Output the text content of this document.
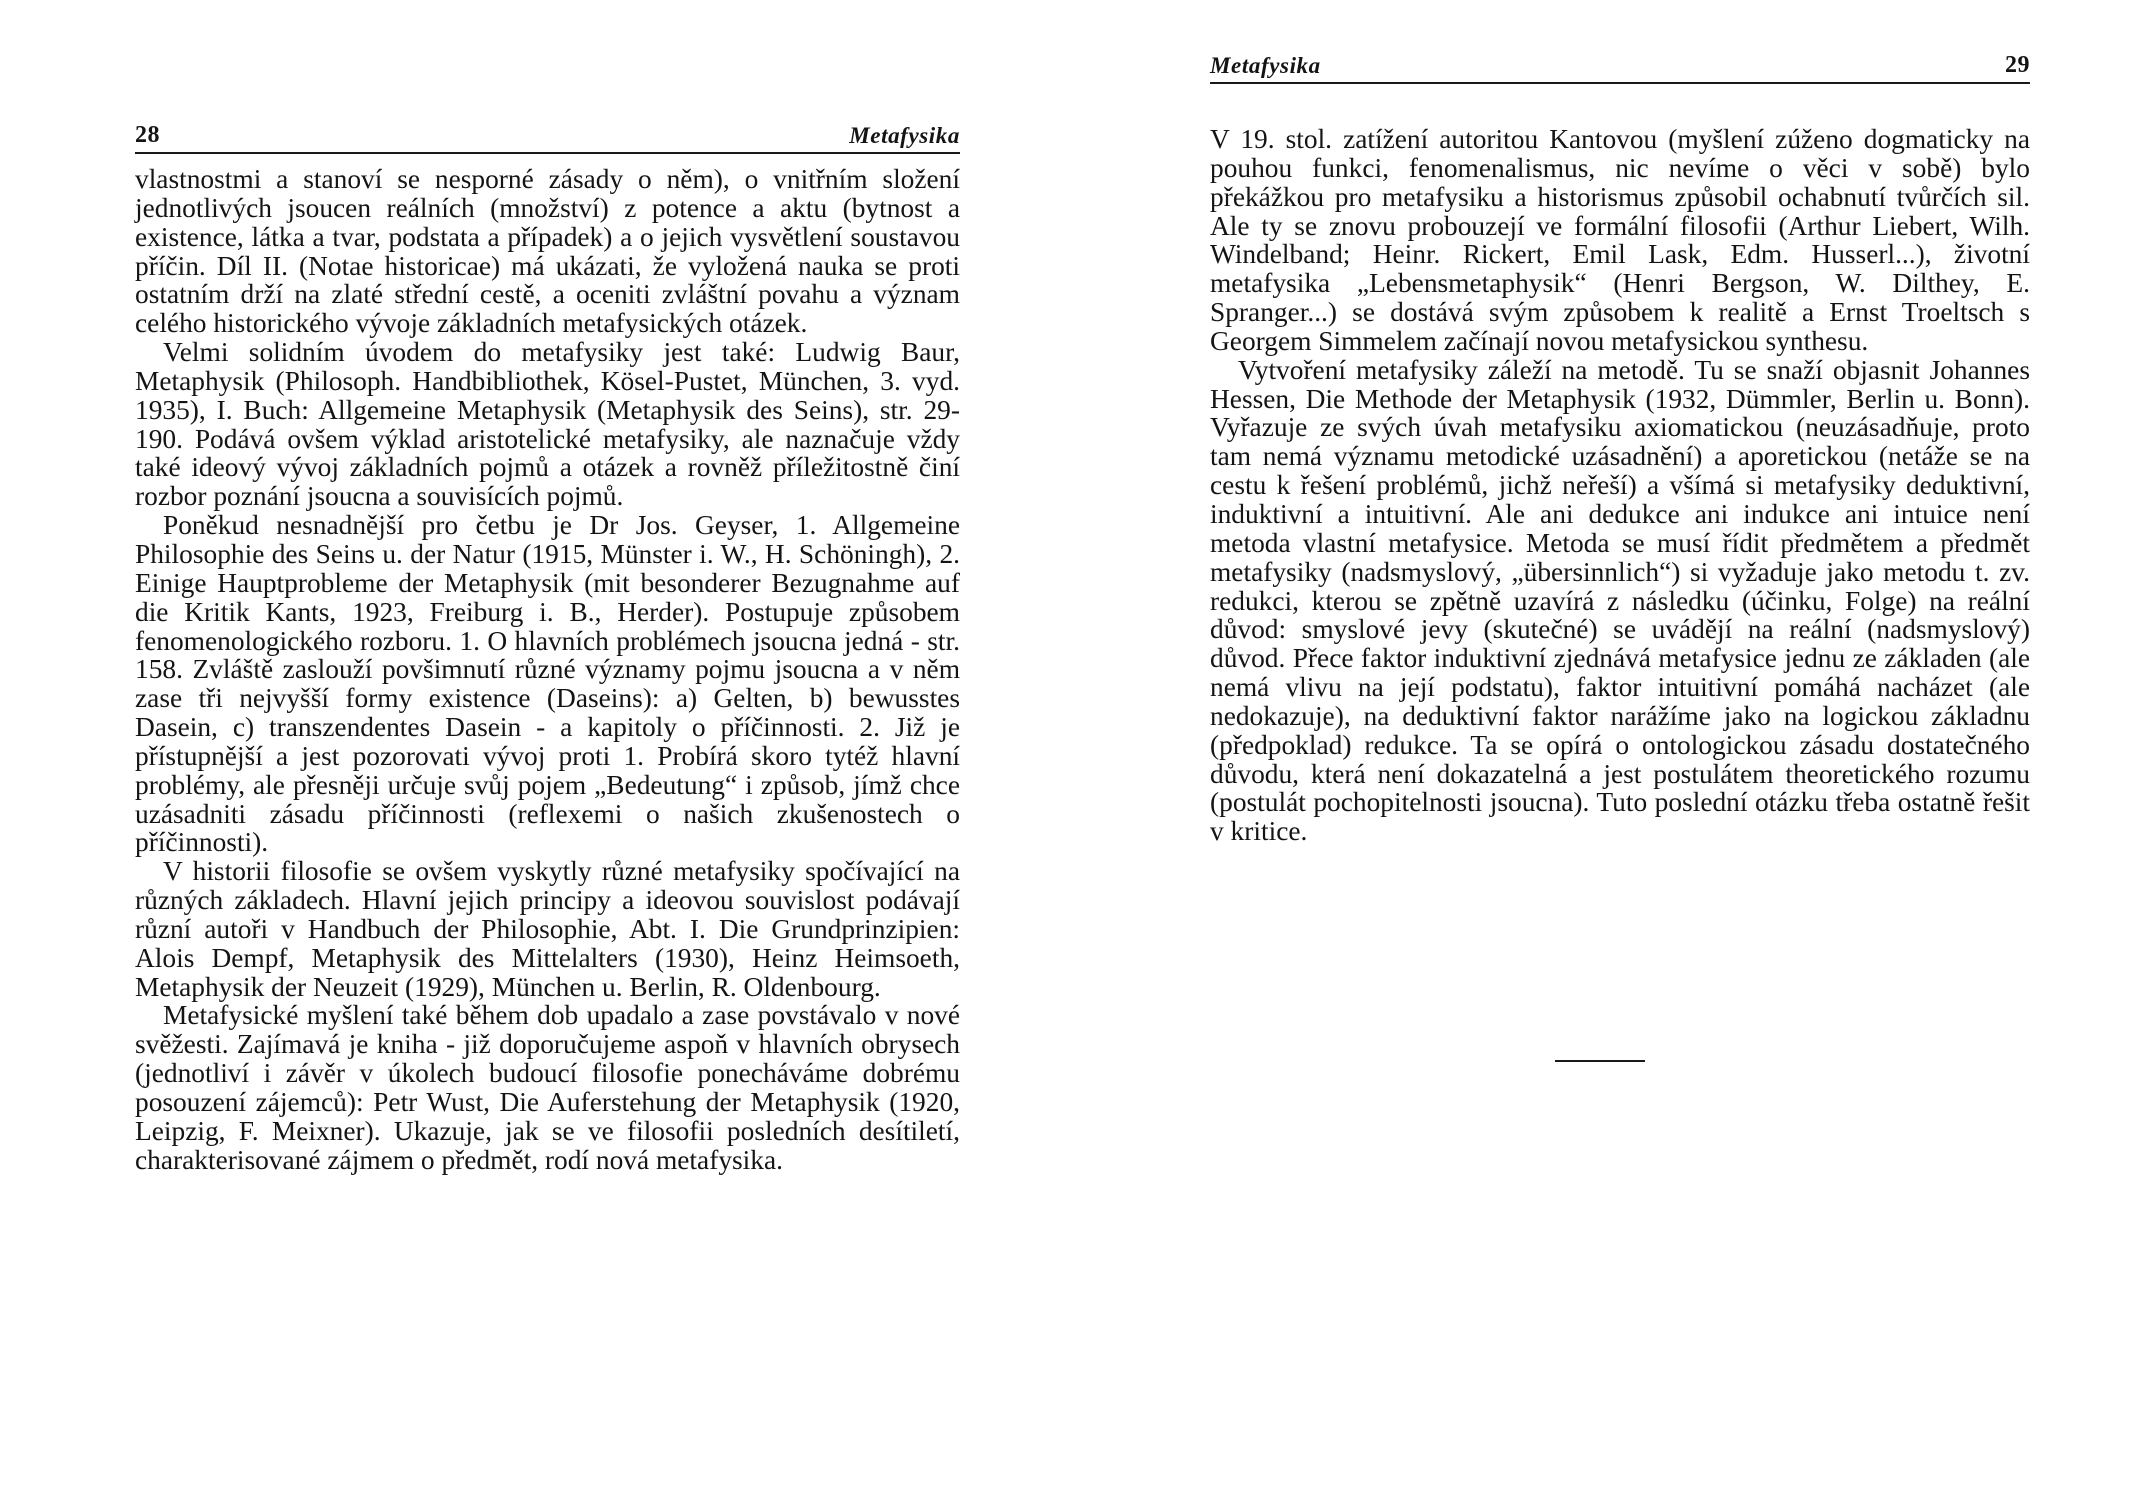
28	Metafysika

vlastnostmi a stanoví se nesporné zásady o něm), o vnitřním složení jednotlivých jsoucen reálních (množství) z potence a aktu (bytnost a existence, látka a tvar, podstata a případek) a o jejich vysvětlení soustavou příčin. Díl II. (Notae historicae) má ukázati, že vyložená nauka se proti ostatním drží na zlaté střední cestě, a oceniti zvláštní povahu a význam celého historického vývoje základních metafysických otázek.

Velmi solidním úvodem do metafysiky jest také: Ludwig Baur, Metaphysik (Philosoph. Handbibliothek, Kösel-Pustet, München, 3. vyd. 1935), I. Buch: Allgemeine Metaphysik (Metaphysik des Seins), str. 29-190. Podává ovšem výklad aristotelické metafysiky, ale naznačuje vždy také ideový vývoj základních pojmů a otázek a rovněž příležitostně činí rozbor poznání jsoucna a souvisících pojmů.

Poněkud nesnadnější pro četbu je Dr Jos. Geyser, 1. Allgemeine Philosophie des Seins u. der Natur (1915, Münster i. W., H. Schöningh), 2. Einige Hauptprobleme der Metaphysik (mit besonderer Bezugnahme auf die Kritik Kants, 1923, Freiburg i. B., Herder). Postupuje způsobem fenomenologického rozboru. 1. O hlavních problémech jsoucna jedná - str. 158. Zvláště zaslouží povšimnutí různé významy pojmu jsoucna a v něm zase tři nejvyšší formy existence (Daseins): a) Gelten, b) bewusstes Dasein, c) transzendentes Dasein - a kapitoly o příčinnosti. 2. Již je přístupnější a jest pozorovati vývoj proti 1. Probírá skoro tytéž hlavní problémy, ale přesněji určuje svůj pojem „Bedeutung“ i způsob, jímž chce uzásadniti zásadu příčinnosti (reflexemi o našich zkušenostech o příčinnosti).

V historii filosofie se ovšem vyskytly různé metafysiky spočívající na různých základech. Hlavní jejich principy a ideovou souvislost podávají různí autoři v Handbuch der Philosophie, Abt. I. Die Grundprinzipien: Alois Dempf, Metaphysik des Mittelalters (1930), Heinz Heimsoeth, Metaphysik der Neuzeit (1929), München u. Berlin, R. Oldenbourg.

Metafysické myšlení také během dob upadalo a zase povstávalo v nové svěžesti. Zajímavá je kniha - již doporučujeme aspoň v hlavních obrysech (jednotliví i závěr v úkolech budoucí filosofie ponecháváme dobrému posouzení zájemců): Petr Wust, Die Auferstehung der Metaphysik (1920, Leipzig, F. Meixner). Ukazuje, jak se ve filosofii posledních desítiletí, charakterisované zájmem o předmět, rodí nová metafysika.

Metafysika	29

V 19. stol. zatížení autoritou Kantovou (myšlení zúženo dogmaticky na pouhou funkci, fenomenalismus, nic nevíme o věci v sobě) bylo překážkou pro metafysiku a historismus způsobil ochabnutí tvůrčích sil. Ale ty se znovu probouzejí ve formální filosofii (Arthur Liebert, Wilh. Windelband; Heinr. Rickert, Emil Lask, Edm. Husserl...), životní metafysika „Lebensmetaphysik“ (Henri Bergson, W. Dilthey, E. Spranger...) se dostává svým způsobem k realitě a Ernst Troeltsch s Georgem Simmelem začínají novou metafysickou synthesu.

Vytvoření metafysiky záleží na metodě. Tu se snaží objasnit Johannes Hessen, Die Methode der Metaphysik (1932, Dümmler, Berlin u. Bonn). Vyřazuje ze svých úvah metafysiku axiomatickou (neuzásadňuje, proto tam nemá významu metodické uzásadnění) a aporetickou (netáže se na cestu k řešení problémů, jichž neřeší) a všímá si metafysiky deduktivní, induktivní a intuitivní. Ale ani dedukce ani indukce ani intuice není metoda vlastní metafysice. Metoda se musí řídit předmětem a předmět metafysiky (nadsmyslový, „übersinnlich“) si vyžaduje jako metodu t. zv. redukci, kterou se zpětně uzavírá z následku (účinku, Folge) na reální důvod: smyslové jevy (skutečné) se uvádějí na reální (nadsmyslový) důvod. Přece faktor induktivní zjednává metafysice jednu ze základen (ale nemá vlivu na její podstatu), faktor intuitivní pomáhá nacházet (ale nedokazuje), na deduktivní faktor narážíme jako na logickou základnu (předpoklad) redukce. Ta se opírá o ontologickou zásadu dostatečného důvodu, která není dokazatelná a jest postulátem theoretického rozumu (postulát pochopitelnosti jsoucna). Tuto poslední otázku třeba ostatně řešit v kritice.
